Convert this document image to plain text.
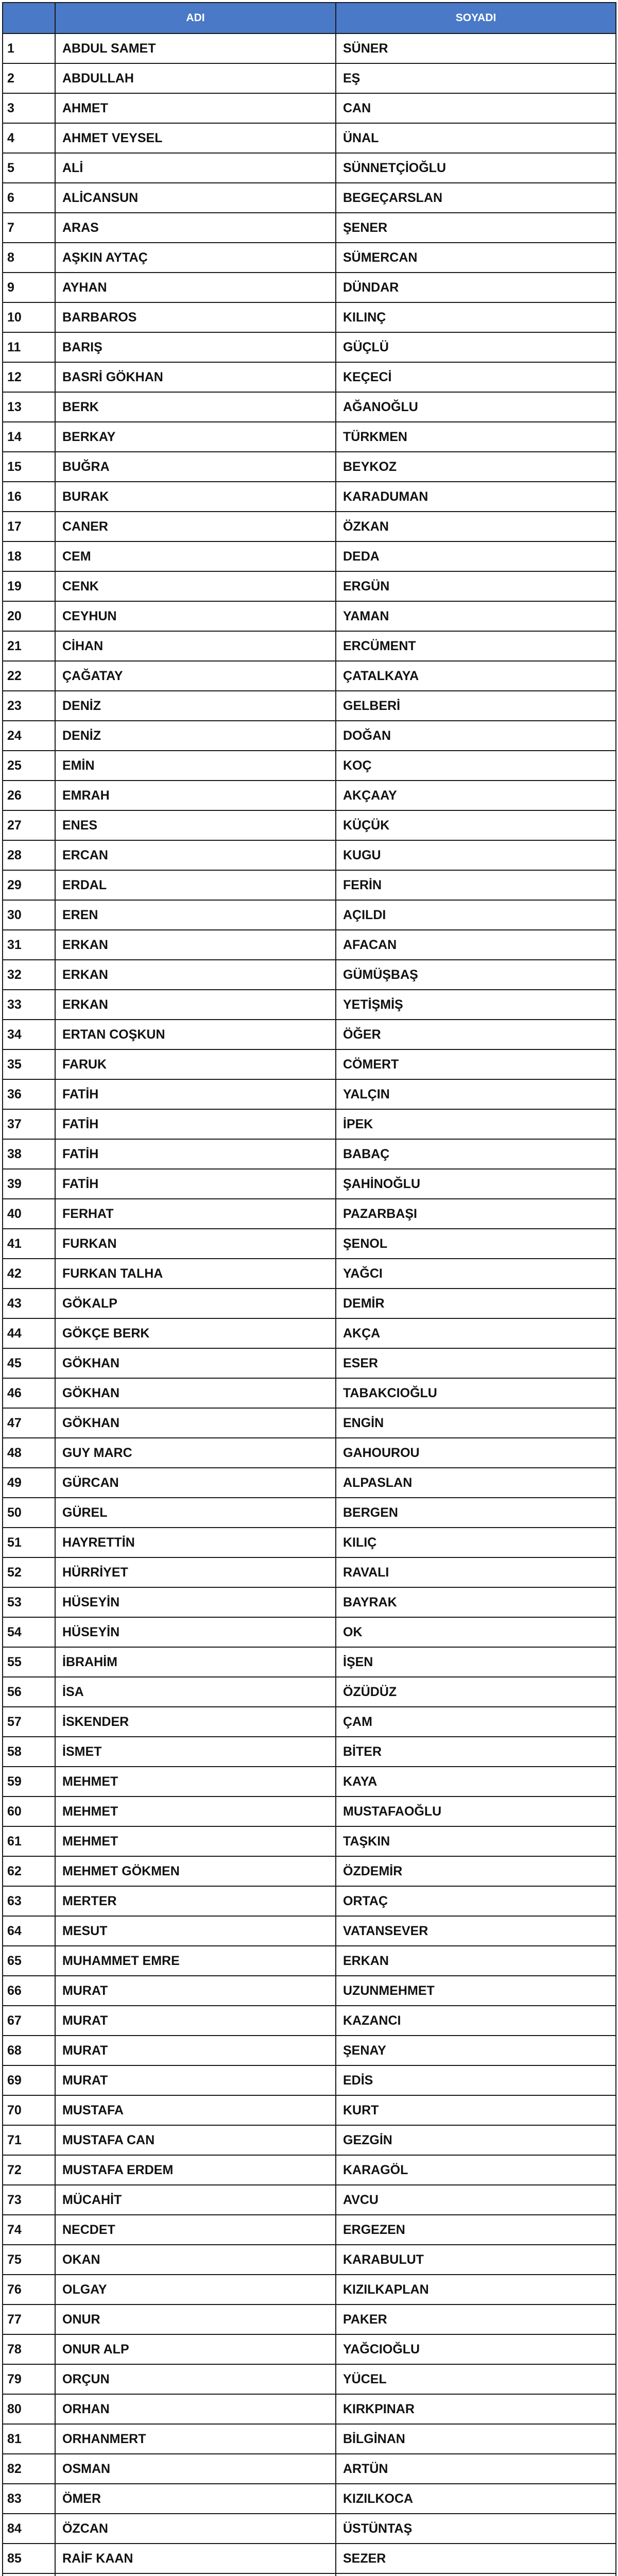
	ADI	SOYADI
1	ABDUL SAMET	SÜNER
2	ABDULLAH	EŞ
3	AHMET	CAN
4	AHMET VEYSEL	ÜNAL
5	ALİ	SÜNNETÇİOĞLU
6	ALİCANSUN	BEGEÇARSLAN
7	ARAS	ŞENER
8	AŞKIN AYTAÇ	SÜMERCAN
9	AYHAN	DÜNDAR
10	BARBAROS	KILINÇ
11	BARIŞ	GÜÇLÜ
12	BASRİ GÖKHAN	KEÇECİ
13	BERK	AĞANOĞLU
14	BERKAY	TÜRKMEN
15	BUĞRA	BEYKOZ
16	BURAK	KARADUMAN
17	CANER	ÖZKAN
18	CEM	DEDA
19	CENK	ERGÜN
20	CEYHUN	YAMAN
21	CİHAN	ERCÜMENT
22	ÇAĞATAY	ÇATALKAYA
23	DENİZ	GELBERİ
24	DENİZ	DOĞAN
25	EMİN	KOÇ
26	EMRAH	AKÇAAY
27	ENES	KÜÇÜK
28	ERCAN	KUGU
29	ERDAL	FERİN
30	EREN	AÇILDI
31	ERKAN	AFACAN
32	ERKAN	GÜMÜŞBAŞ
33	ERKAN	YETİŞMİŞ
34	ERTAN COŞKUN	ÖĞER
35	FARUK	CÖMERT
36	FATİH	YALÇIN
37	FATİH	İPEK
38	FATİH	BABAÇ
39	FATİH	ŞAHİNOĞLU
40	FERHAT	PAZARBAŞI
41	FURKAN	ŞENOL
42	FURKAN TALHA	YAĞCI
43	GÖKALP	DEMİR
44	GÖKÇE BERK	AKÇA
45	GÖKHAN	ESER
46	GÖKHAN	TABAKCIOĞLU
47	GÖKHAN	ENGİN
48	GUY MARC	GAHOUROU
49	GÜRCAN	ALPASLAN
50	GÜREL	BERGEN
51	HAYRETTİN	KILIÇ
52	HÜRRİYET	RAVALI
53	HÜSEYİN	BAYRAK
54	HÜSEYİN	OK
55	İBRAHİM	İŞEN
56	İSA	ÖZÜDÜZ
57	İSKENDER	ÇAM
58	İSMET	BİTER
59	MEHMET	KAYA
60	MEHMET	MUSTAFAOĞLU
61	MEHMET	TAŞKIN
62	MEHMET GÖKMEN	ÖZDEMİR
63	MERTER	ORTAÇ
64	MESUT	VATANSEVER
65	MUHAMMET EMRE	ERKAN
66	MURAT	UZUNMEHMET
67	MURAT	KAZANCI
68	MURAT	ŞENAY
69	MURAT	EDİS
70	MUSTAFA	KURT
71	MUSTAFA CAN	GEZGİN
72	MUSTAFA ERDEM	KARAGÖL
73	MÜCAHİT	AVCU
74	NECDET	ERGEZEN
75	OKAN	KARABULUT
76	OLGAY	KIZILKAPLAN
77	ONUR	PAKER
78	ONUR ALP	YAĞCIOĞLU
79	ORÇUN	YÜCEL
80	ORHAN	KIRKPINAR
81	ORHANMERT	BİLGİNAN
82	OSMAN	ARTÜN
83	ÖMER	KIZILKOCA
84	ÖZCAN	ÜSTÜNTAŞ
85	RAİF KAAN	SEZER
